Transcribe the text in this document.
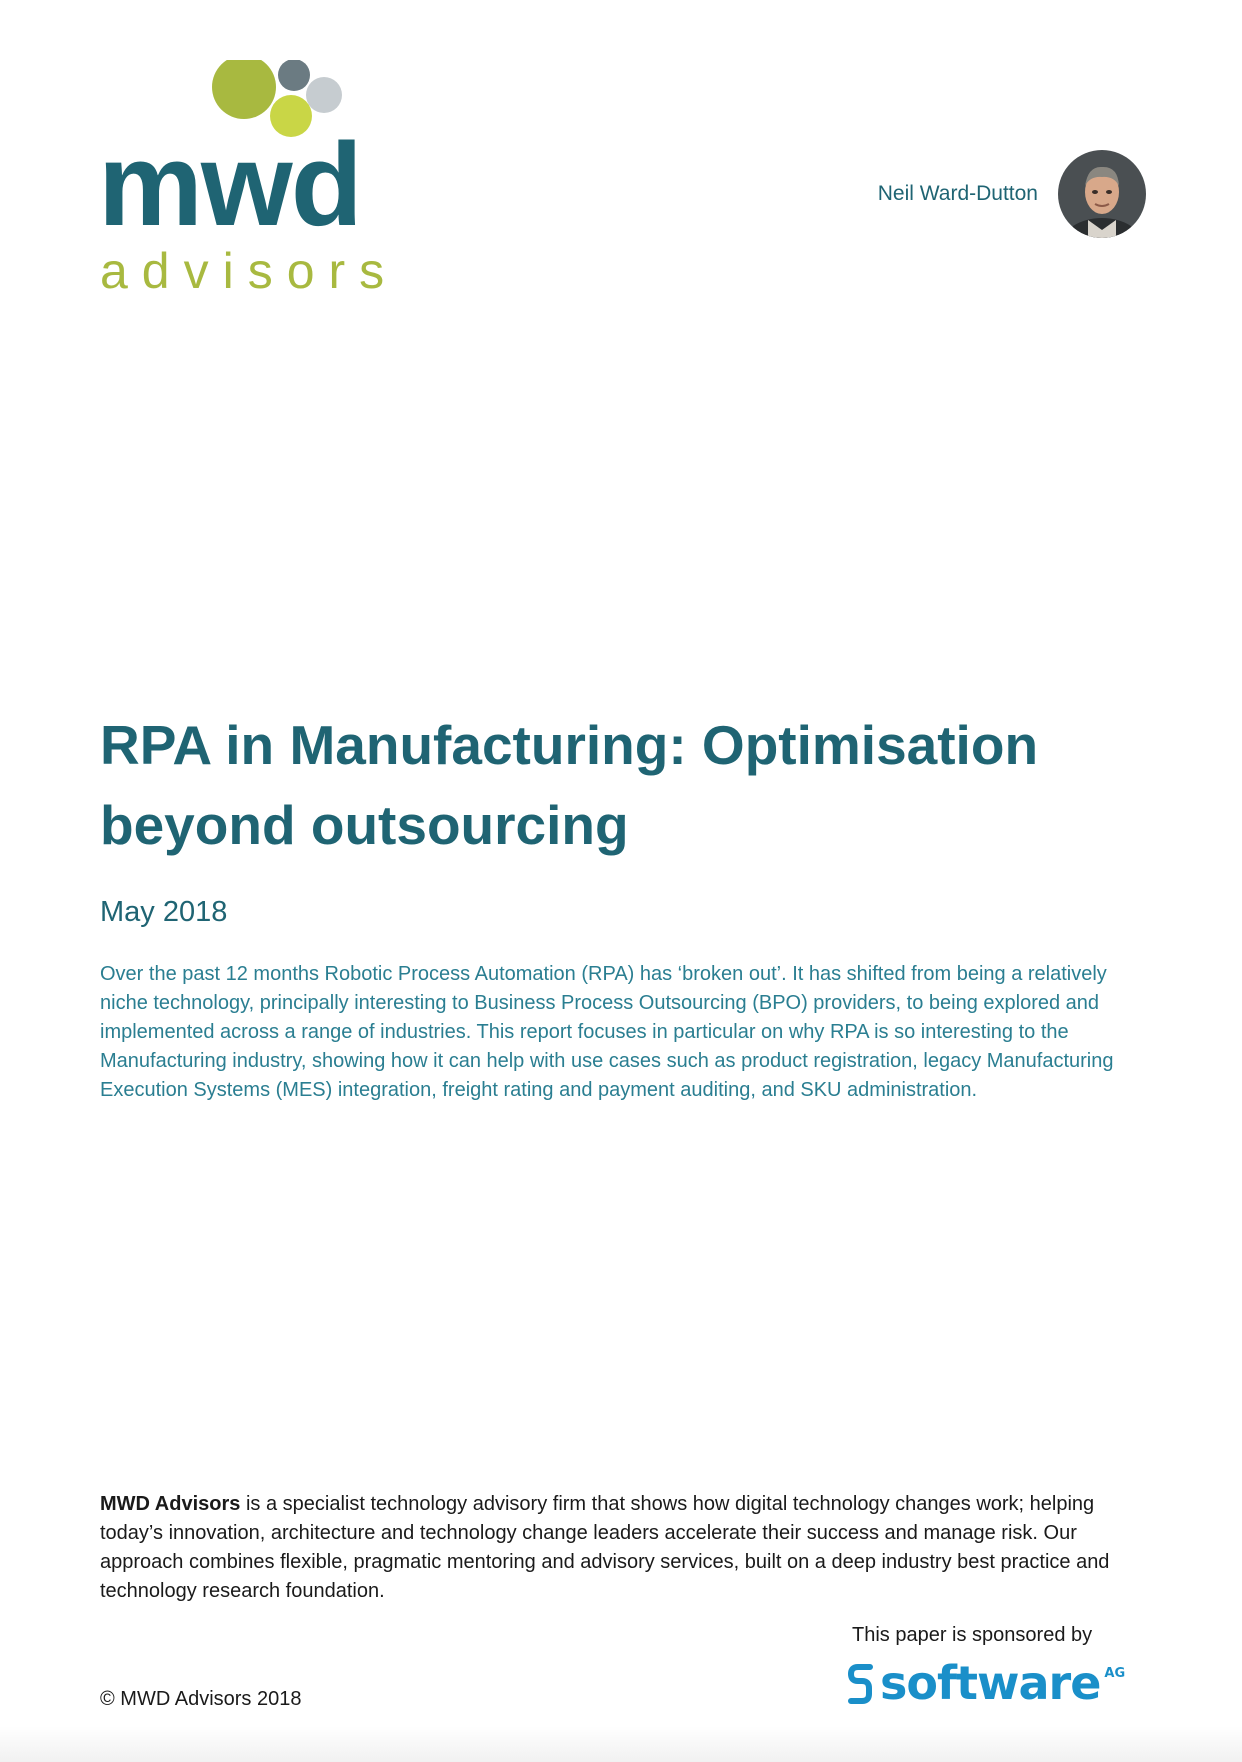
mwd
advisors
Neil Ward-Dutton
RPA in Manufacturing: Optimisation beyond outsourcing
May 2018

Over the past 12 months Robotic Process Automation (RPA) has ‘broken out’. It has shifted from being a relatively niche technology, principally interesting to Business Process Outsourcing (BPO) providers, to being explored and implemented across a range of industries. This report focuses in particular on why RPA is so interesting to the Manufacturing industry, showing how it can help with use cases such as product registration, legacy Manufacturing Execution Systems (MES) integration, freight rating and payment auditing, and SKU administration.

MWD Advisors is a specialist technology advisory firm that shows how digital technology changes work; helping today’s innovation, architecture and technology change leaders accelerate their success and manage risk. Our approach combines flexible, pragmatic mentoring and advisory services, built on a deep industry best practice and technology research foundation.

This paper is sponsored by
software AG
© MWD Advisors 2018
